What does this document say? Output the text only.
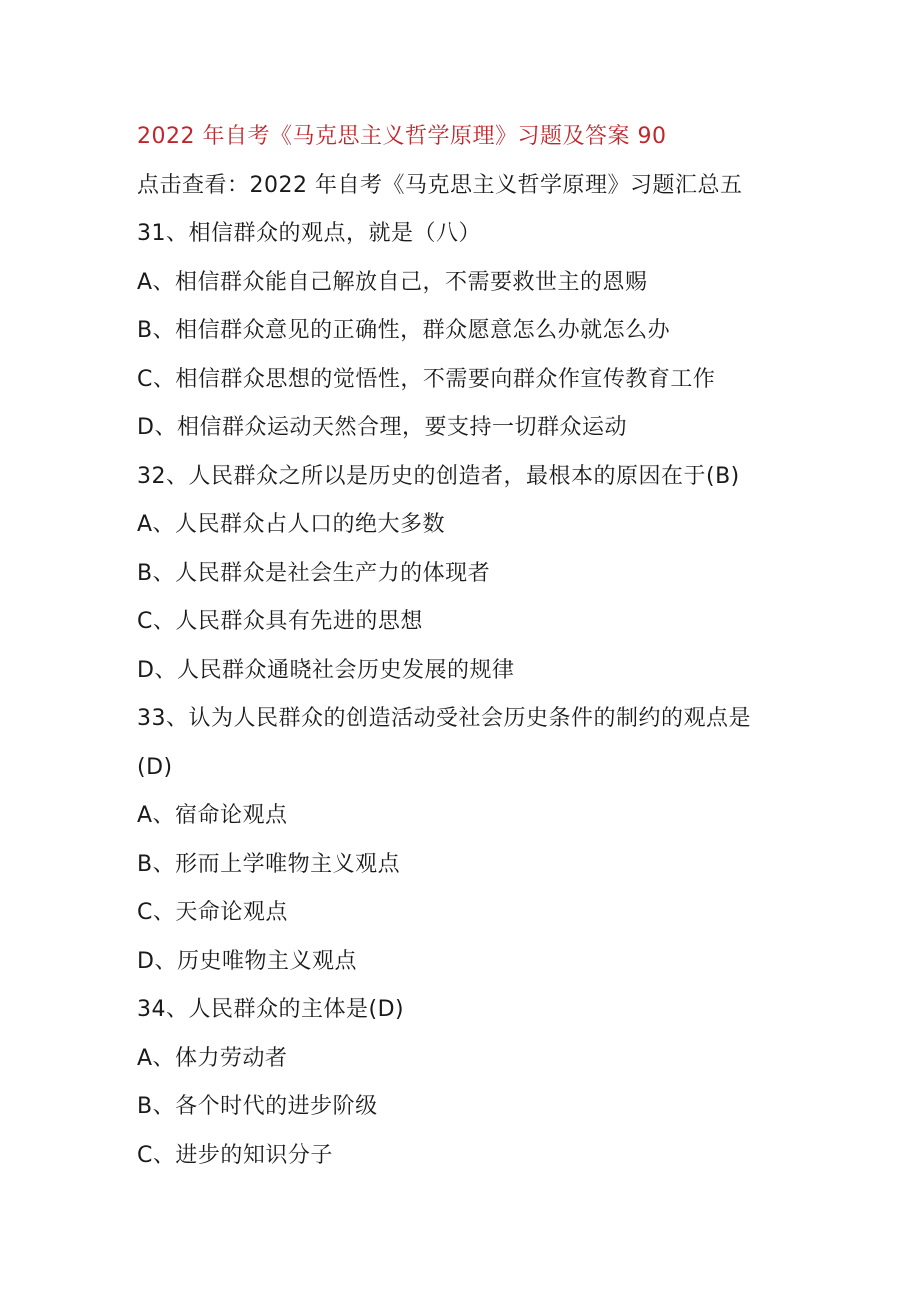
2022 年自考《马克思主义哲学原理》习题及答案 90
点击查看：2022 年自考《马克思主义哲学原理》习题汇总五
31、相信群众的观点，就是（八）
A、相信群众能自己解放自己，不需要救世主的恩赐
B、相信群众意见的正确性，群众愿意怎么办就怎么办
C、相信群众思想的觉悟性，不需要向群众作宣传教育工作
D、相信群众运动天然合理，要支持一切群众运动
32、人民群众之所以是历史的创造者，最根本的原因在于(B)
A、人民群众占人口的绝大多数
B、人民群众是社会生产力的体现者
C、人民群众具有先进的思想
D、人民群众通晓社会历史发展的规律
33、认为人民群众的创造活动受社会历史条件的制约的观点是
(D)
A、宿命论观点
B、形而上学唯物主义观点
C、天命论观点
D、历史唯物主义观点
34、人民群众的主体是(D)
A、体力劳动者
B、各个时代的进步阶级
C、进步的知识分子
